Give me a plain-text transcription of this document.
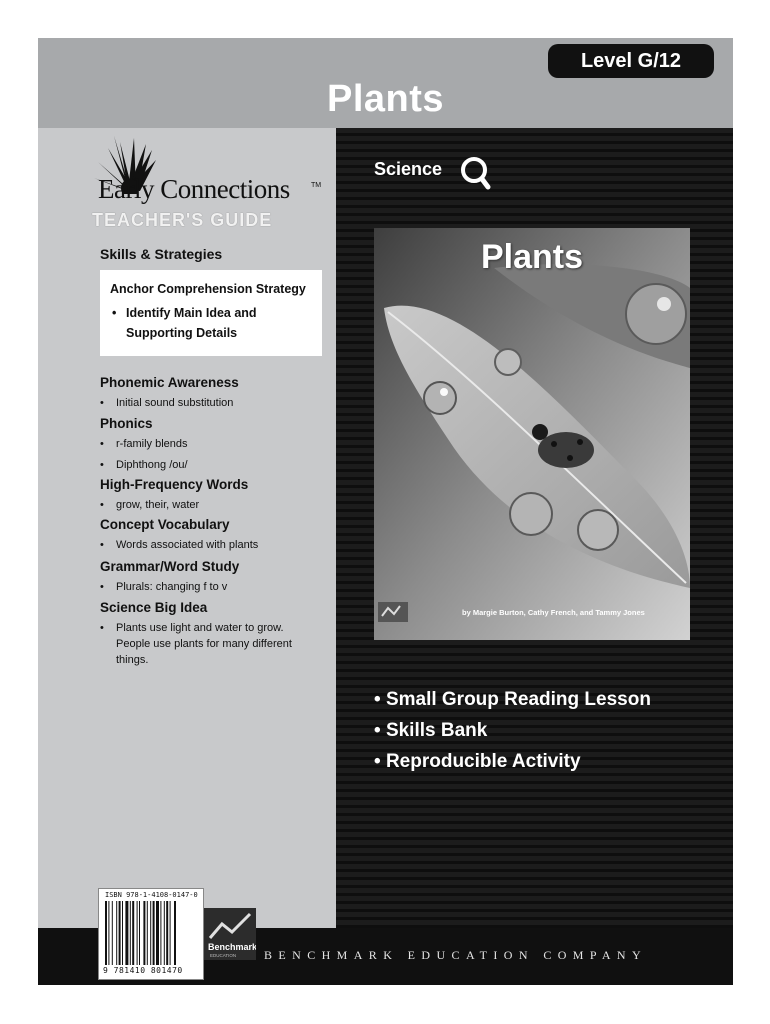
Level G/12
Plants
Early Connections	TM
TEACHER'S GUIDE
Skills & Strategies
Anchor Comprehension Strategy
• Identify Main Idea and Supporting Details
Phonemic Awareness
• Initial sound substitution
Phonics
• r-family blends
• Diphthong /ou/
High-Frequency Words
• grow, their, water
Concept Vocabulary
• Words associated with plants
Grammar/Word Study
• Plurals: changing f to v
Science Big Idea
• Plants use light and water to grow. People use plants for many different things.
Science
Plants
by Margie Burton, Cathy French, and Tammy Jones
• Small Group Reading Lesson
• Skills Bank
• Reproducible Activity
ISBN 978-1-4108-0147-0
9 781410 801470
Benchmark
EDUCATION BENCHMARK EDUCATION COMPANY
